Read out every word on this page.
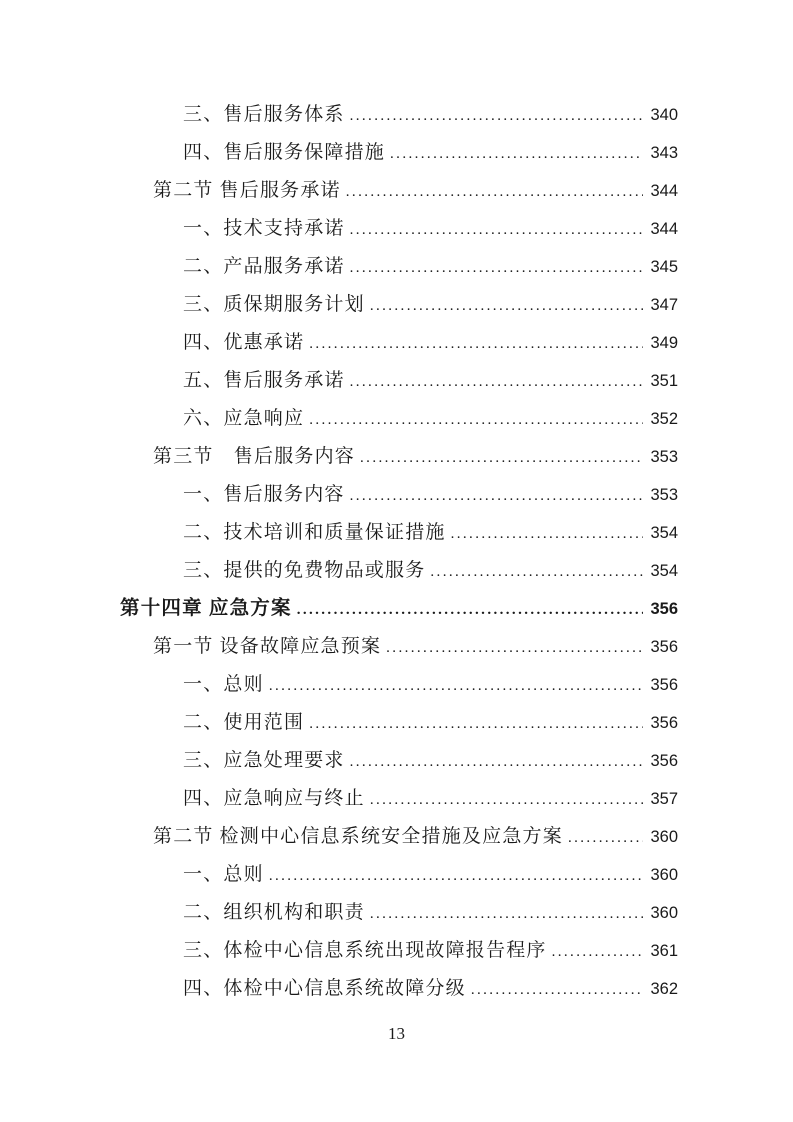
三、售后服务体系 .....	340
四、售后服务保障措施 .....	343
第二节 售后服务承诺 .....	344
一、技术支持承诺 .....	344
二、产品服务承诺 .....	345
三、质保期服务计划 .....	347
四、优惠承诺 .....	349
五、售后服务承诺 .....	351
六、应急响应 .....	352
第三节　售后服务内容 .....	353
一、售后服务内容 .....	353
二、技术培训和质量保证措施 .....	354
三、提供的免费物品或服务 .....	354
第十四章 应急方案 .....	356
第一节 设备故障应急预案 .....	356
一、总则 .....	356
二、使用范围 .....	356
三、应急处理要求 .....	356
四、应急响应与终止 .....	357
第二节 检测中心信息系统安全措施及应急方案 .....	360
一、总则 .....	360
二、组织机构和职责 .....	360
三、体检中心信息系统出现故障报告程序 .....	361
四、体检中心信息系统故障分级 .....	362
13
